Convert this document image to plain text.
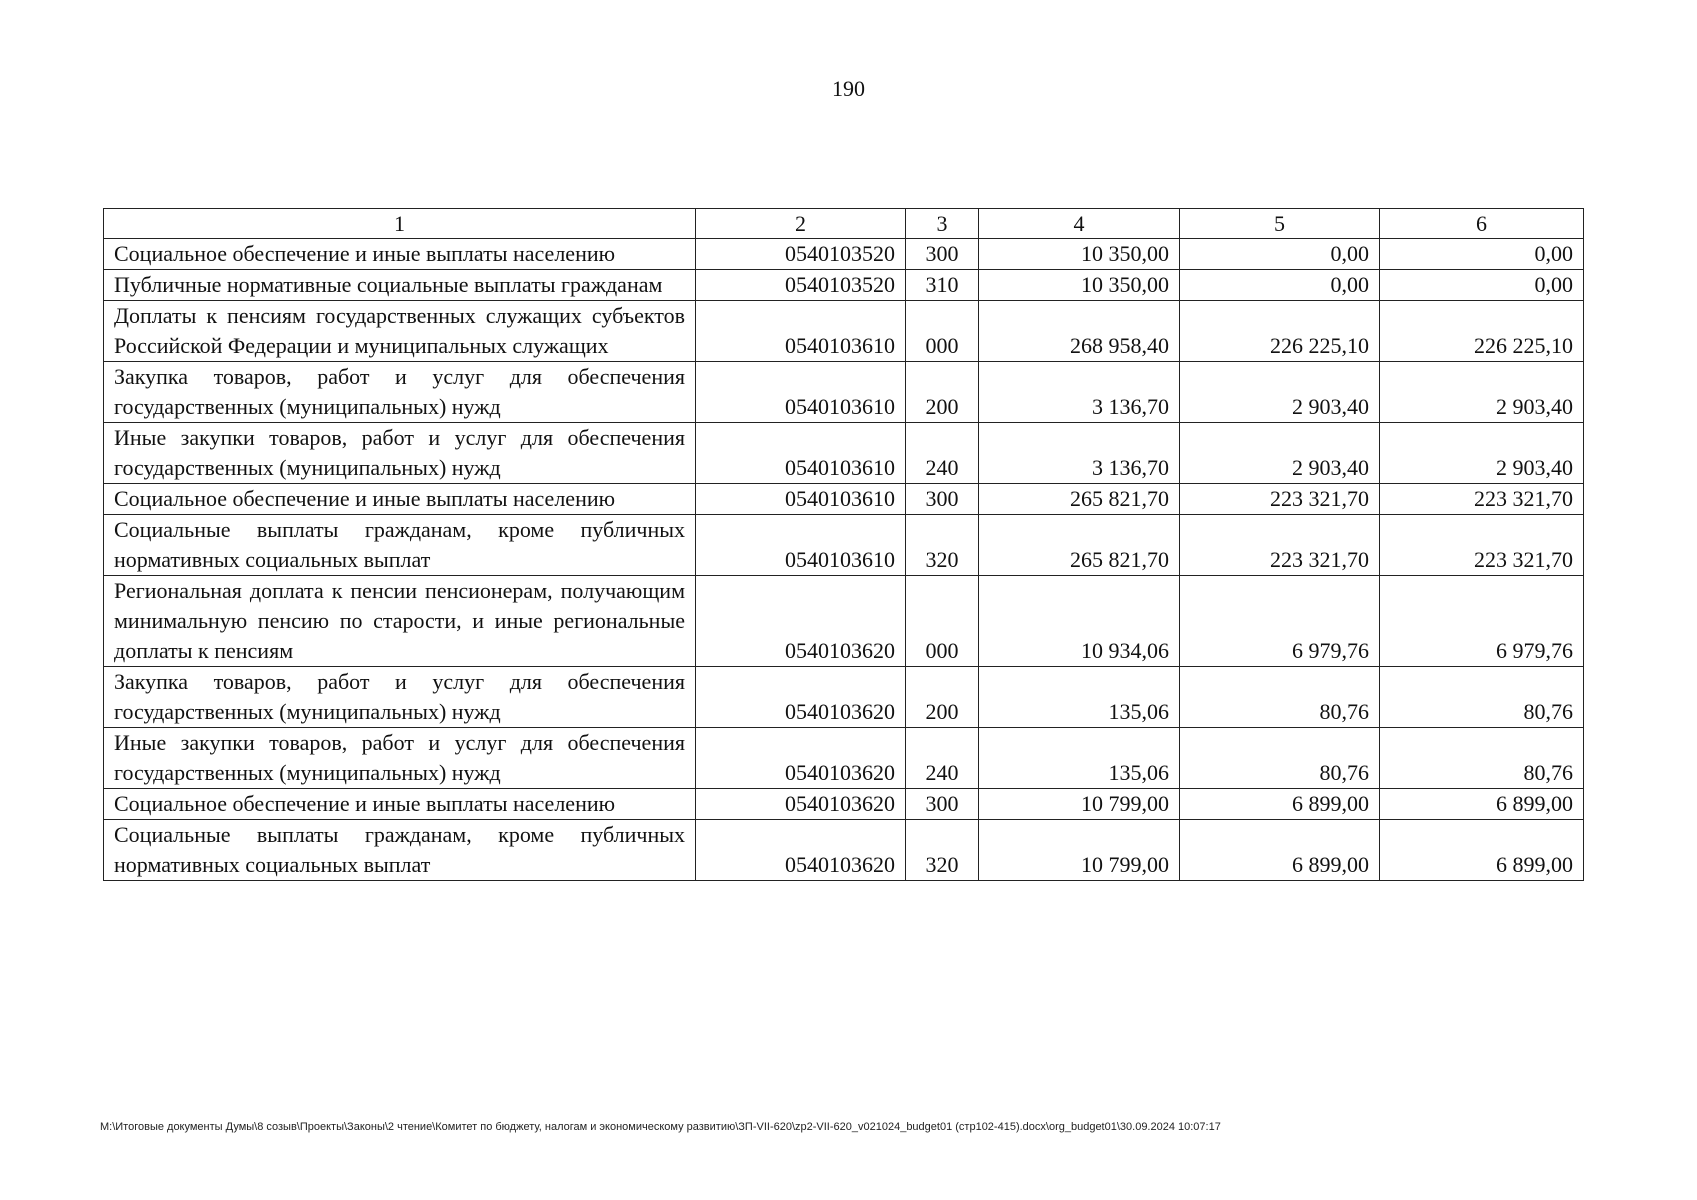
190
1	2	3	4	5	6
Социальное обеспечение и иные выплаты населению	0540103520	300	10 350,00	0,00	0,00
Публичные нормативные социальные выплаты гражданам	0540103520	310	10 350,00	0,00	0,00
Доплаты к пенсиям государственных служащих субъектов Российской Федерации и муниципальных служащих	0540103610	000	268 958,40	226 225,10	226 225,10
Закупка товаров, работ и услуг для обеспечения государственных (муниципальных) нужд	0540103610	200	3 136,70	2 903,40	2 903,40
Иные закупки товаров, работ и услуг для обеспечения государственных (муниципальных) нужд	0540103610	240	3 136,70	2 903,40	2 903,40
Социальное обеспечение и иные выплаты населению	0540103610	300	265 821,70	223 321,70	223 321,70
Социальные выплаты гражданам, кроме публичных нормативных социальных выплат	0540103610	320	265 821,70	223 321,70	223 321,70
Региональная доплата к пенсии пенсионерам, получающим минимальную пенсию по старости, и иные региональные доплаты к пенсиям	0540103620	000	10 934,06	6 979,76	6 979,76
Закупка товаров, работ и услуг для обеспечения государственных (муниципальных) нужд	0540103620	200	135,06	80,76	80,76
Иные закупки товаров, работ и услуг для обеспечения государственных (муниципальных) нужд	0540103620	240	135,06	80,76	80,76
Социальное обеспечение и иные выплаты населению	0540103620	300	10 799,00	6 899,00	6 899,00
Социальные выплаты гражданам, кроме публичных нормативных социальных выплат	0540103620	320	10 799,00	6 899,00	6 899,00
M:\Итоговые документы Думы\8 созыв\Проекты\Законы\2 чтение\Комитет по бюджету, налогам и экономическому развитию\ЗП-VII-620\zp2-VII-620_v021024_budget01 (стр102-415).docx\org_budget01\30.09.2024 10:07:17
